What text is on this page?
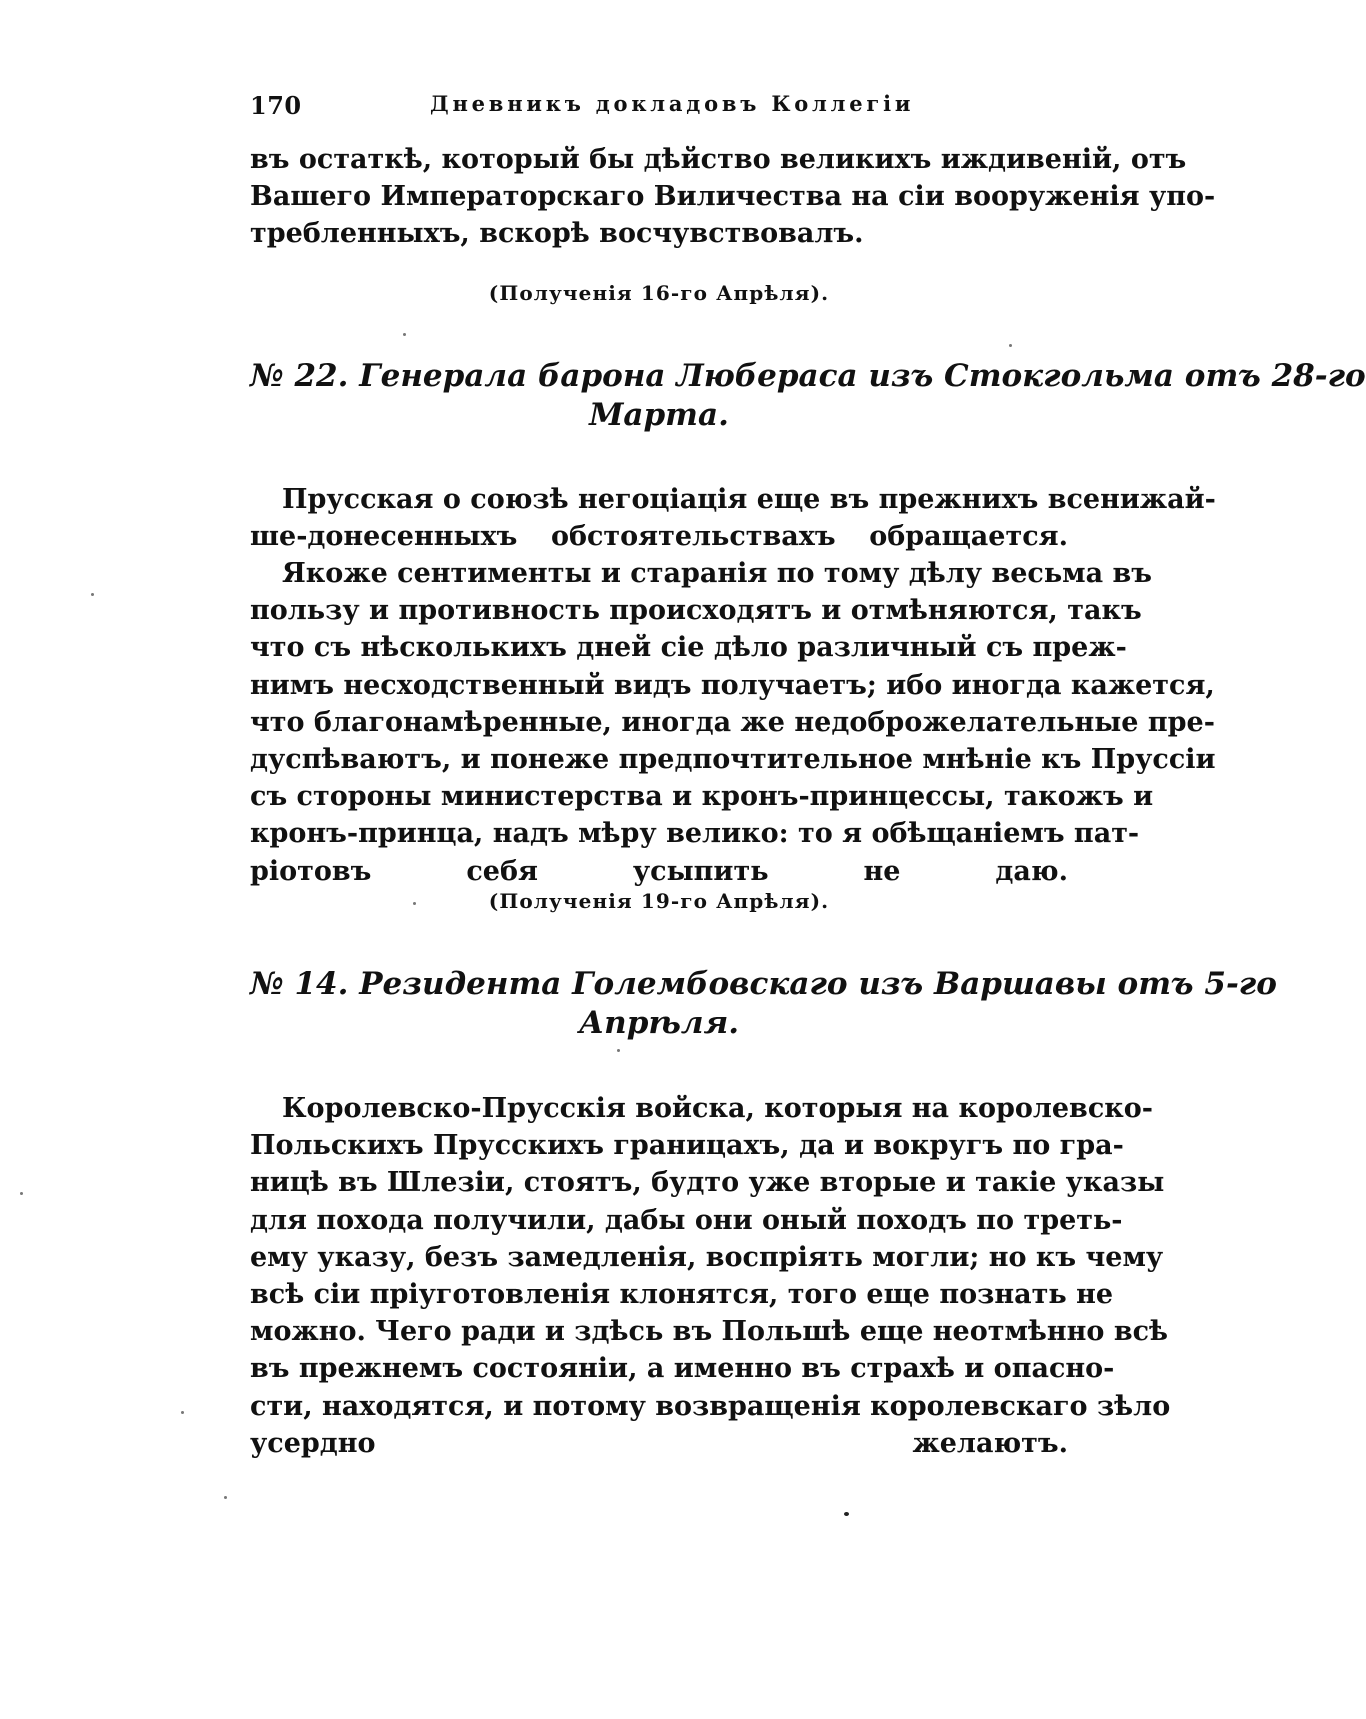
170	Дневникъ докладовъ Коллегіи

въ остаткѣ, который бы дѣйство великихъ иждивеній, отъ
Вашего Императорскаго Виличества на сіи вооруженія упо-
требленныхъ, вскорѣ восчувствовалъ.

(Полученія 16-го Апрѣля).
№ 22. Генерала барона Любераса изъ Стокгольма отъ 28-го
Марта.

Прусская о союзѣ негоціація еще въ прежнихъ всенижай-
ше-донесенныхъ обстоятельствахъ обращается.

Якоже сентименты и старанія по тому дѣлу весьма въ
пользу и противность происходятъ и отмѣняются, такъ
что съ нѣсколькихъ дней сіе дѣло различный съ преж-
нимъ несходственный видъ получаетъ; ибо иногда кажется,
что благонамѣренные, иногда же недоброжелательные пре-
дуспѣваютъ, и понеже предпочтительное мнѣніе къ Пруссіи
съ стороны министерства и кронъ-принцессы, такожъ и
кронъ-принца, надъ мѣру велико: то я обѣщаніемъ пат-
ріотовъ себя усыпить не даю.

(Полученія 19-го Апрѣля).
№ 14. Резидента Голембовскаго изъ Варшавы отъ 5-го
Апрѣля.

Королевско-Прусскія войска, которыя на королевско-
Польскихъ Прусскихъ границахъ, да и вокругъ по гра-
ницѣ въ Шлезіи, стоятъ, будто уже вторые и такіе указы
для похода получили, дабы они оный походъ по треть-
ему указу, безъ замедленія, воспріять могли; но къ чему
всѣ сіи пріуготовленія клонятся, того еще познать не
можно. Чего ради и здѣсь въ Польшѣ еще неотмѣнно всѣ
въ прежнемъ состояніи, а именно въ страхѣ и опасно-
сти, находятся, и потому возвращенія королевскаго зѣло
усердно желаютъ.
